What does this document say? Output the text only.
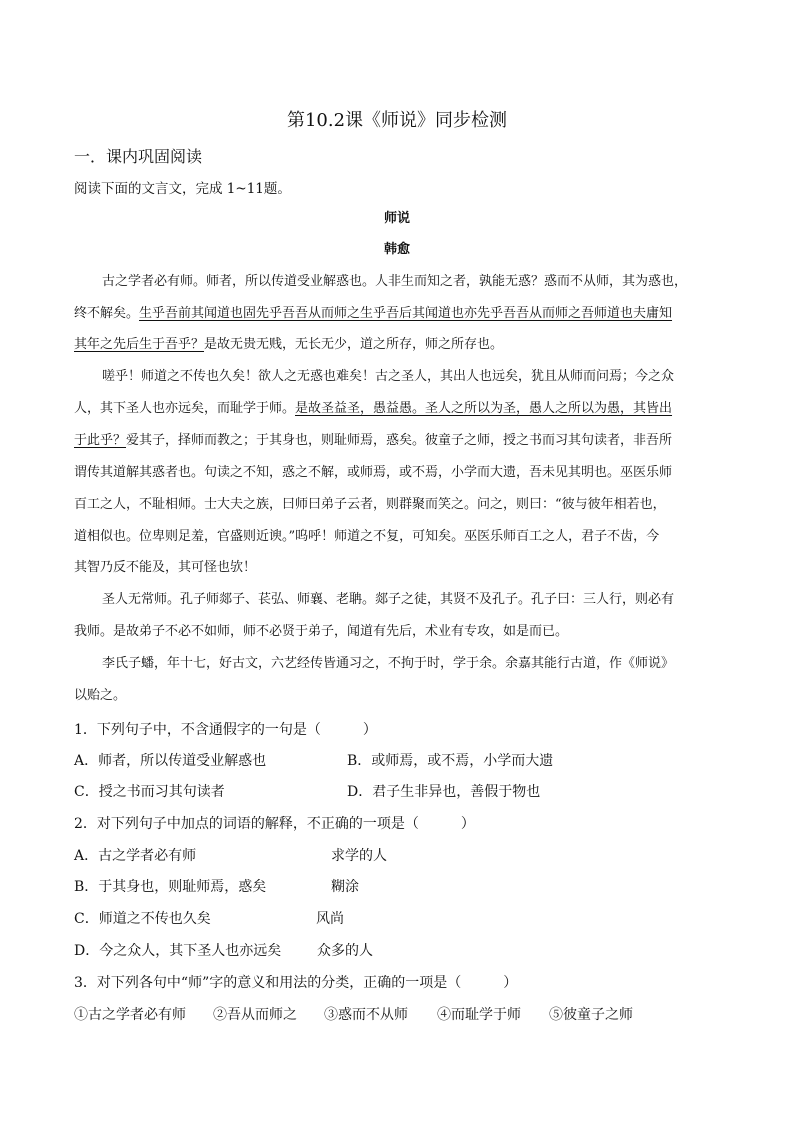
第10.2课《师说》同步检测
一．课内巩固阅读
阅读下面的文言文，完成 1~11题。
师说
韩愈
古之学者必有师。师者，所以传道受业解惑也。人非生而知之者，孰能无惑？惑而不从师，其为惑也，
终不解矣。生乎吾前其闻道也固先乎吾吾从而师之生乎吾后其闻道也亦先乎吾吾从而师之吾师道也夫庸知
其年之先后生于吾乎？是故无贵无贱，无长无少，道之所存，师之所存也。
嗟乎！师道之不传也久矣！欲人之无惑也难矣！古之圣人，其出人也远矣，犹且从师而问焉；今之众
人，其下圣人也亦远矣，而耻学于师。是故圣益圣，愚益愚。圣人之所以为圣，愚人之所以为愚，其皆出
于此乎？爱其子，择师而教之；于其身也，则耻师焉，惑矣。彼童子之师，授之书而习其句读者，非吾所
谓传其道解其惑者也。句读之不知，惑之不解，或师焉，或不焉，小学而大遗，吾未见其明也。巫医乐师
百工之人，不耻相师。士大夫之族，曰师曰弟子云者，则群聚而笑之。问之，则曰：“彼与彼年相若也，
道相似也。位卑则足羞，官盛则近谀。”呜呼！师道之不复，可知矣。巫医乐师百工之人，君子不齿，今
其智乃反不能及，其可怪也欤！
圣人无常师。孔子师郯子、苌弘、师襄、老聃。郯子之徒，其贤不及孔子。孔子曰：三人行，则必有
我师。是故弟子不必不如师，师不必贤于弟子，闻道有先后，术业有专攻，如是而已。
李氏子蟠，年十七，好古文，六艺经传皆通习之，不拘于时，学于余。余嘉其能行古道，作《师说》
以贻之。
1．下列句子中，不含通假字的一句是（　　　）
A．师者，所以传道受业解惑也	B．或师焉，或不焉，小学而大遗
C．授之书而习其句读者	D．君子生非异也，善假于物也
2．对下列句子中加点的词语的解释，不正确的一项是（　　　）
A．古之学者必有师	求学的人
B．于其身也，则耻师焉，惑矣	糊涂
C．师道之不传也久矣	风尚
D．今之众人，其下圣人也亦远矣	众多的人
3．对下列各句中“师”字的意义和用法的分类，正确的一项是（　　　）
①古之学者必有师 ②吾从而师之 ③惑而不从师 ④而耻学于师 ⑤彼童子之师
